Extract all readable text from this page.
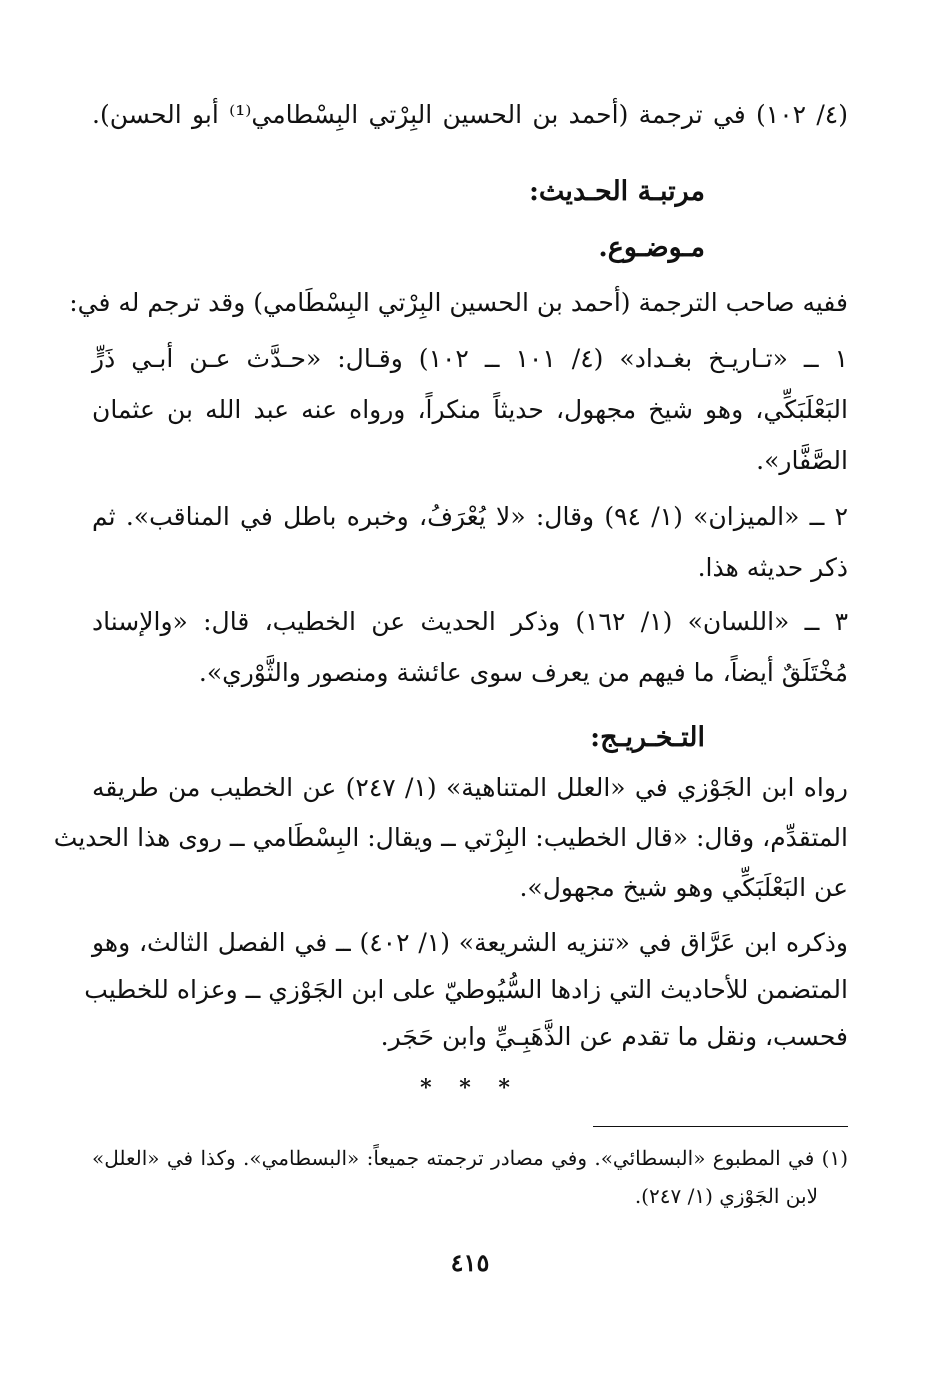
(٤/ ١٠٢) في ترجمة (أحمد بن الحسين البِرْتي البِسْطامي⁽¹⁾ أبو الحسن).
مرتبـة الحـديث:
مـوضـوع.
ففيه صاحب الترجمة (أحمد بن الحسين البِرْتي البِسْطَامي) وقد ترجم له في:
١ ــ «تـاريـخ بغـداد» (٤/ ١٠١ ــ ١٠٢) وقـال: «حـدَّث عـن أبـي ذَرٍّ
البَعْلَبَكِّي، وهو شيخ مجهول، حديثاً منكراً، ورواه عنه عبد الله بن عثمان
الصَّفَّار».
٢ ــ «الميزان» (١/ ٩٤) وقال: «لا يُعْرَفُ، وخبره باطل في المناقب». ثم
ذكر حديثه هذا.
٣ ــ «اللسان» (١/ ١٦٢) وذكر الحديث عن الخطيب، قال: «والإسناد
مُخْتَلَقٌ أيضاً، ما فيهم من يعرف سوى عائشة ومنصور والثَّوْري».
التـخـريـج:
رواه ابن الجَوْزي في «العلل المتناهية» (١/ ٢٤٧) عن الخطيب من طريقه
المتقدِّم، وقال: «قال الخطيب: البِرْتي ــ ويقال: البِسْطَامي ــ روى هذا الحديث
عن البَعْلَبَكِّي وهو شيخ مجهول».
وذكره ابن عَرَّاق في «تنزيه الشريعة» (١/ ٤٠٢) ــ في الفصل الثالث، وهو
المتضمن للأحاديث التي زادها السُّيُوطيّ على ابن الجَوْزي ــ وعزاه للخطيب
فحسب، ونقل ما تقدم عن الذَّهَبِـيِّ وابن حَجَر.
* * *
(١) في المطبوع «البسطائي». وفي مصادر ترجمته جميعاً: «البسطامي». وكذا في «العلل»
لابن الجَوْزي (١/ ٢٤٧).
٤١٥
